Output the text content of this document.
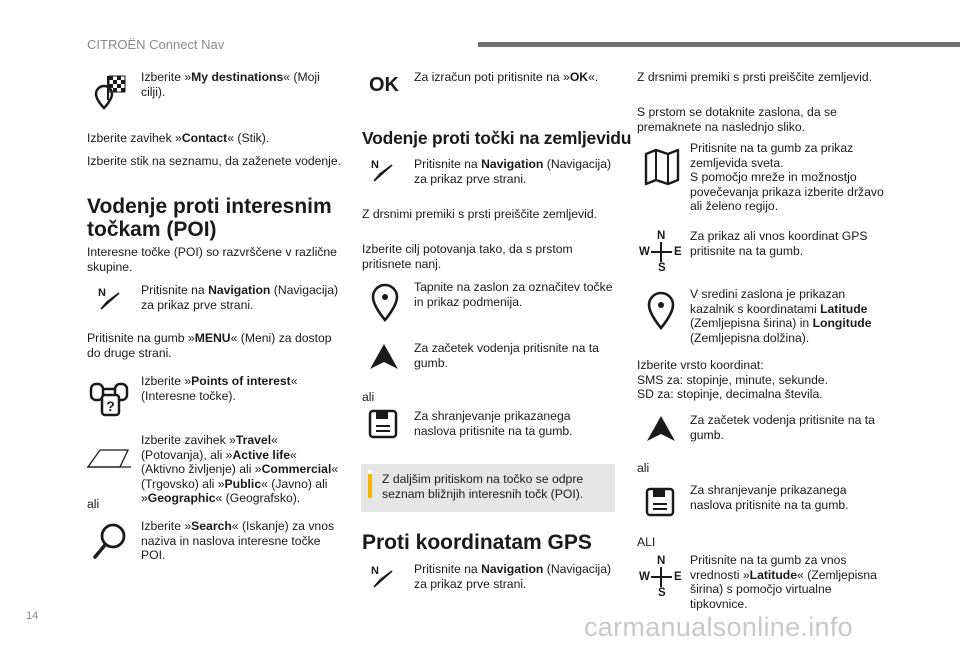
CITROËN Connect Nav
Izberite »My destinations« (Moji
cilji).
Izberite zavihek »Contact« (Stik).
Izberite stik na seznamu, da zaženete vodenje.
Vodenje proti interesnim
točkam (POI)
Interesne točke (POI) so razvrščene v različne
skupine.
N	Pritisnite na Navigation (Navigacija)
za prikaz prve strani.
Pritisnite na gumb »MENU« (Meni) za dostop
do druge strani.
?
Izberite »Points of interest«
(Interesne točke).
ali
Izberite zavihek »Travel«
(Potovanja), ali »Active life«
(Aktivno življenje) ali »Commercial«
(Trgovsko) ali »Public« (Javno) ali
»Geographic« (Geografsko).
Izberite »Search« (Iskanje) za vnos
naziva in naslova interesne točke
POI.
OK Za izračun poti pritisnite na »OK«.
Vodenje proti točki na zemljevidu
N	Pritisnite na Navigation (Navigacija)
za prikaz prve strani.
Z drsnimi premiki s prsti preiščite zemljevid.
Izberite cilj potovanja tako, da s prstom
pritisnete nanj.
Tapnite na zaslon za označitev točke
in prikaz podmenija.
Za začetek vodenja pritisnite na ta
gumb.
ali
Za shranjevanje prikazanega
naslova pritisnite na ta gumb.
Z daljšim pritiskom na točko se odpre
seznam bližnjih interesnih točk (POI).
Proti koordinatam GPS
N	Pritisnite na Navigation (Navigacija)
za prikaz prve strani.
Z drsnimi premiki s prsti preiščite zemljevid.
S prstom se dotaknite zaslona, da se
premaknete na naslednjo sliko.
Pritisnite na ta gumb za prikaz
zemljevida sveta.
S pomočjo mreže in možnostjo
povečevanja prikaza izberite državo
ali želeno regijo.
N
W E
S
Za prikaz ali vnos koordinat GPS
pritisnite na ta gumb.
V sredini zaslona je prikazan
kazalnik s koordinatami Latitude
(Zemljepisna širina) in Longitude
(Zemljepisna dolžina).
Izberite vrsto koordinat:
SMS za: stopinje, minute, sekunde.
SD za: stopinje, decimalna števila.
Za začetek vodenja pritisnite na ta
gumb.
ali
Za shranjevanje prikazanega
naslova pritisnite na ta gumb.
ALI
N
W E
S
Pritisnite na ta gumb za vnos
vrednosti »Latitude« (Zemljepisna
širina) s pomočjo virtualne
tipkovnice.
14	carmanualsonline.info
